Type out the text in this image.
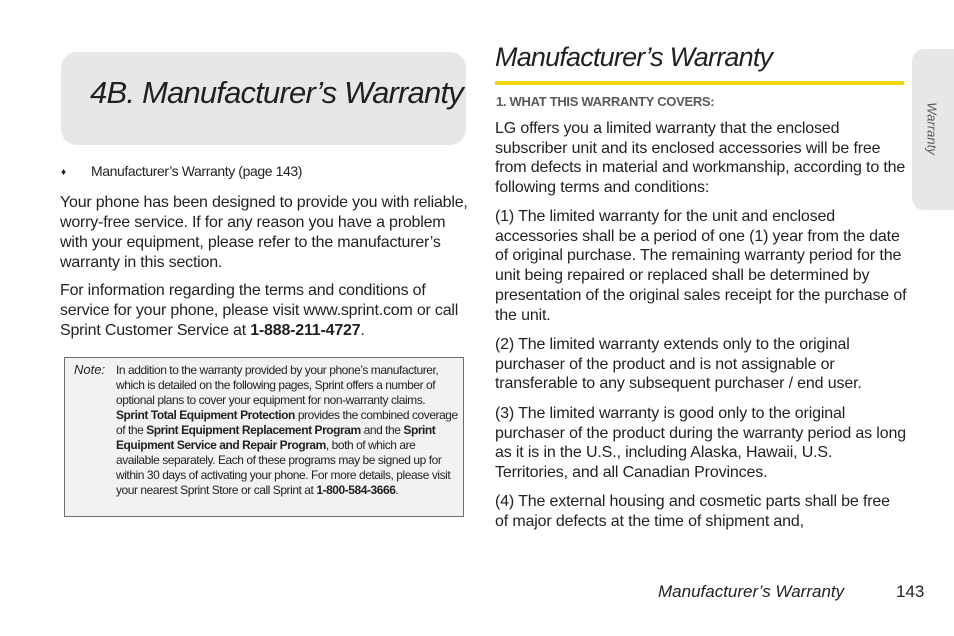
4B. Manufacturer’s Warranty
♦ Manufacturer’s Warranty (page 143)

Your phone has been designed to provide you with reliable, worry-free service. If for any reason you have a problem with your equipment, please refer to the manufacturer’s warranty in this section.

For information regarding the terms and conditions of service for your phone, please visit www.sprint.com or call Sprint Customer Service at 1-888-211-4727.

Note: In addition to the warranty provided by your phone’s manufacturer, which is detailed on the following pages, Sprint offers a number of optional plans to cover your equipment for non-warranty claims. Sprint Total Equipment Protection provides the combined coverage of the Sprint Equipment Replacement Program and the Sprint Equipment Service and Repair Program, both of which are available separately. Each of these programs may be signed up for within 30 days of activating your phone. For more details, please visit your nearest Sprint Store or call Sprint at 1-800-584-3666.

Manufacturer’s Warranty
1. WHAT THIS WARRANTY COVERS:

LG offers you a limited warranty that the enclosed subscriber unit and its enclosed accessories will be free from defects in material and workmanship, according to the following terms and conditions:

(1) The limited warranty for the unit and enclosed accessories shall be a period of one (1) year from the date of original purchase. The remaining warranty period for the unit being repaired or replaced shall be determined by presentation of the original sales receipt for the purchase of the unit.

(2) The limited warranty extends only to the original purchaser of the product and is not assignable or transferable to any subsequent purchaser / end user.

(3) The limited warranty is good only to the original purchaser of the product during the warranty period as long as it is in the U.S., including Alaska, Hawaii, U.S. Territories, and all Canadian Provinces.

(4) The external housing and cosmetic parts shall be free of major defects at the time of shipment and,

Warranty
Manufacturer’s Warranty	143
